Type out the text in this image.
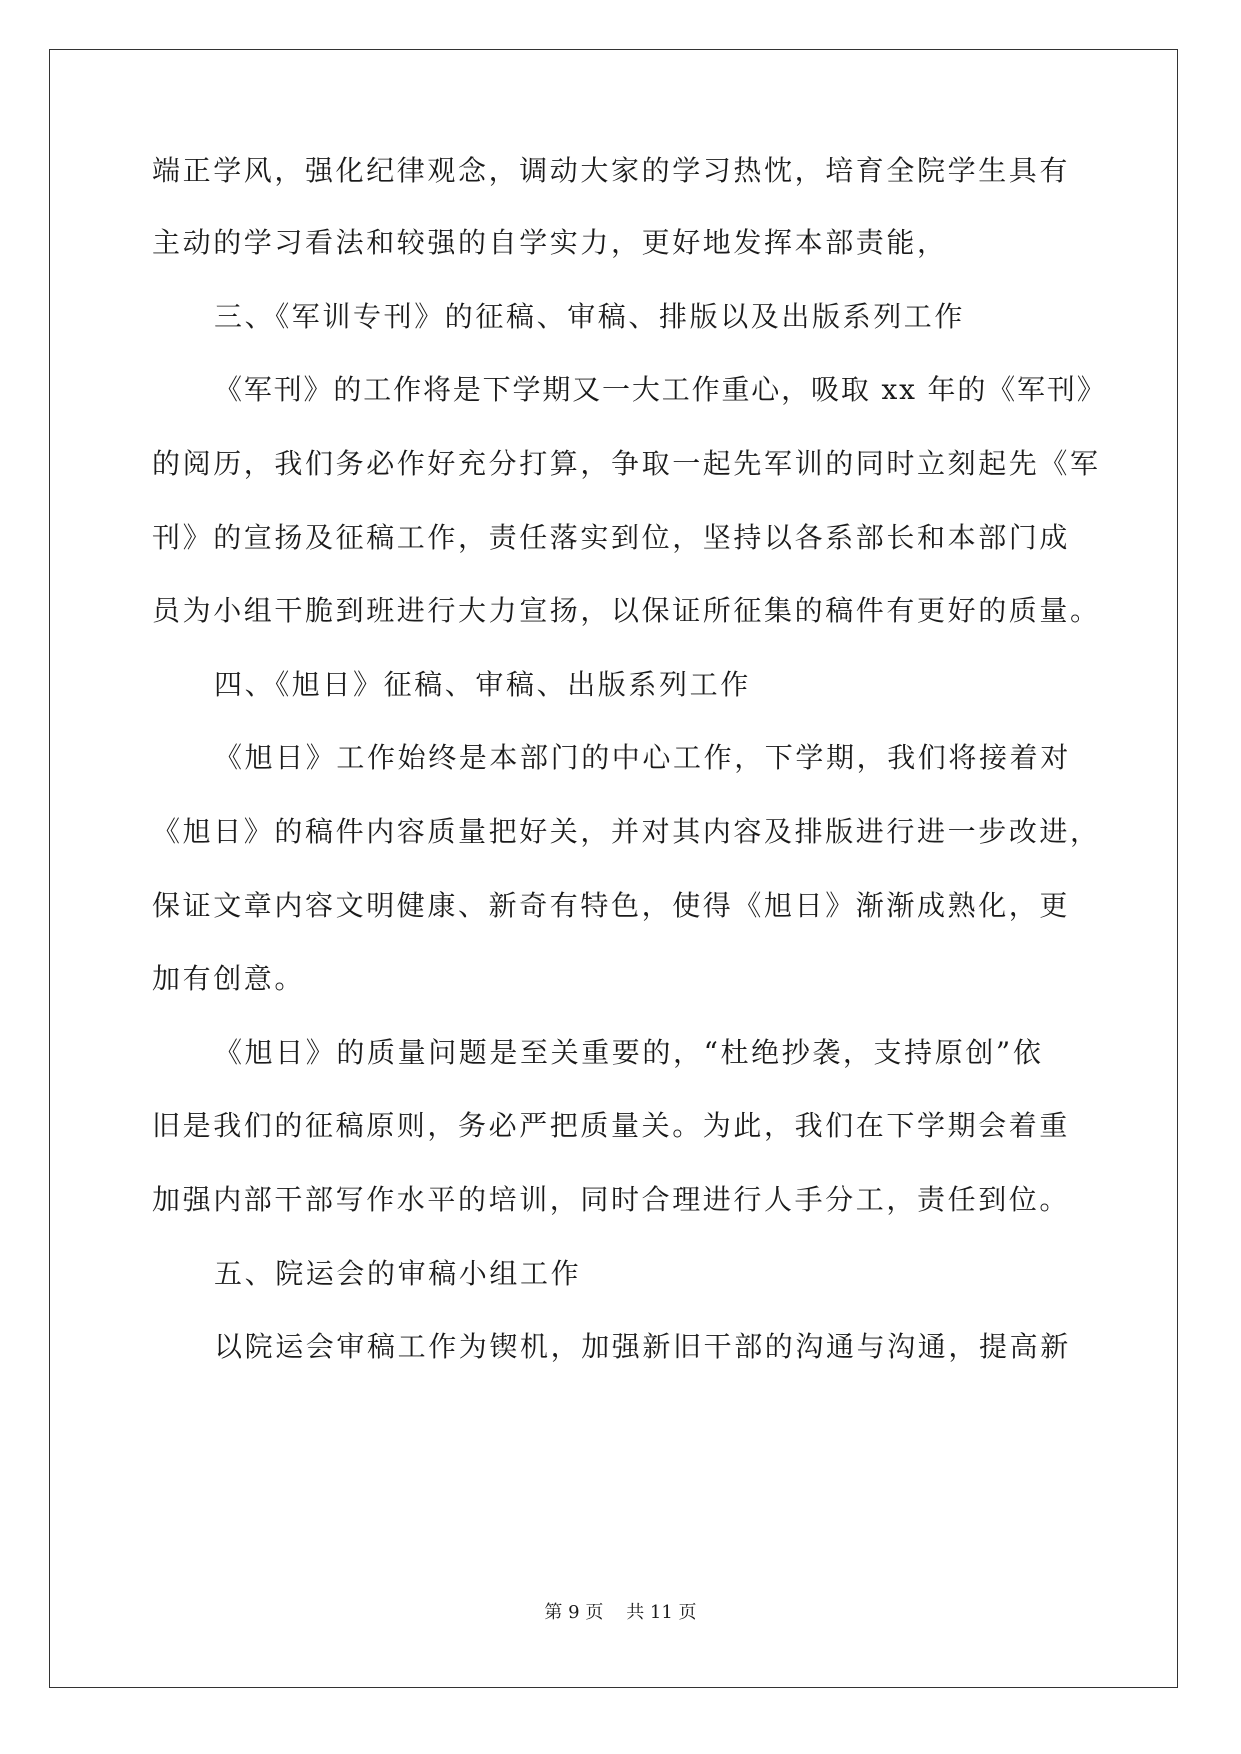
端正学风，强化纪律观念，调动大家的学习热忱，培育全院学生具有
主动的学习看法和较强的自学实力，更好地发挥本部责能，
三、《军训专刊》的征稿、审稿、排版以及出版系列工作
《军刊》的工作将是下学期又一大工作重心，吸取 xx 年的《军刊》
的阅历，我们务必作好充分打算，争取一起先军训的同时立刻起先《军
刊》的宣扬及征稿工作，责任落实到位，坚持以各系部长和本部门成
员为小组干脆到班进行大力宣扬，以保证所征集的稿件有更好的质量。
四、《旭日》征稿、审稿、出版系列工作
《旭日》工作始终是本部门的中心工作，下学期，我们将接着对
《旭日》的稿件内容质量把好关，并对其内容及排版进行进一步改进，
保证文章内容文明健康、新奇有特色，使得《旭日》渐渐成熟化，更
加有创意。
《旭日》的质量问题是至关重要的，“杜绝抄袭，支持原创”依
旧是我们的征稿原则，务必严把质量关。为此，我们在下学期会着重
加强内部干部写作水平的培训，同时合理进行人手分工，责任到位。
五、院运会的审稿小组工作
以院运会审稿工作为锲机，加强新旧干部的沟通与沟通，提高新
第 9 页    共 11 页
